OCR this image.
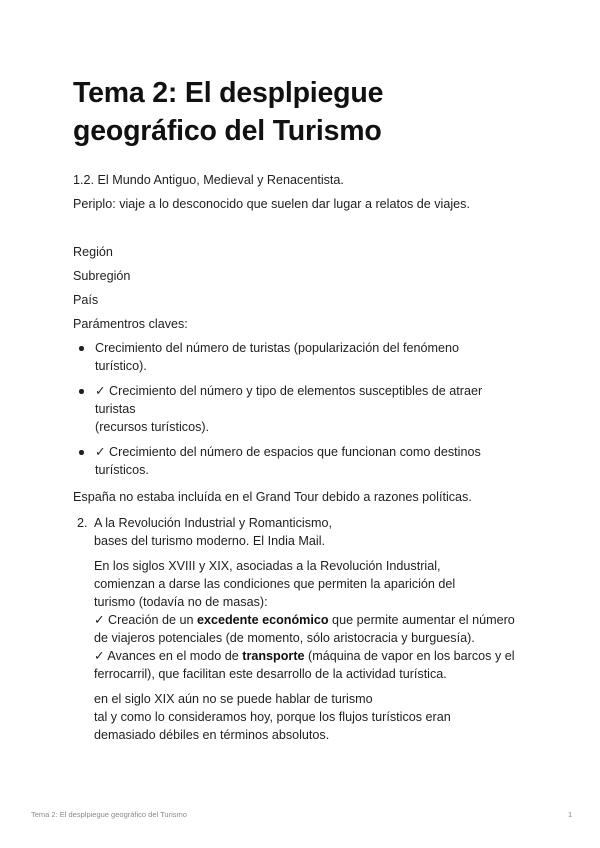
Tema 2: El desplpiegue geográfico del Turismo

1.2. El Mundo Antiguo, Medieval y Renacentista.

Periplo: viaje a lo desconocido que suelen dar lugar a relatos de viajes.

Región

Subregión

País

Parámentros claves:

Crecimiento del número de turistas (popularización del fenómeno
turístico).
✓ Crecimiento del número y tipo de elementos susceptibles de atraer
turistas
(recursos turísticos).
✓ Crecimiento del número de espacios que funcionan como destinos
turísticos.

España no estaba incluída en el Grand Tour debido a razones políticas.

2. A la Revolución Industrial y Romanticismo,
bases del turismo moderno. El India Mail.

En los siglos XVIII y XIX, asociadas a la Revolución Industrial,
comienzan a darse las condiciones que permiten la aparición del
turismo (todavía no de masas):
✓ Creación de un excedente económico que permite aumentar el número
de viajeros potenciales (de momento, sólo aristocracia y burguesía).
✓ Avances en el modo de transporte (máquina de vapor en los barcos y el
ferrocarril), que facilitan este desarrollo de la actividad turística.

en el siglo XIX aún no se puede hablar de turismo
tal y como lo consideramos hoy, porque los flujos turísticos eran
demasiado débiles en términos absolutos.

Tema 2: El desplpiegue geográfico del Turismo	1
